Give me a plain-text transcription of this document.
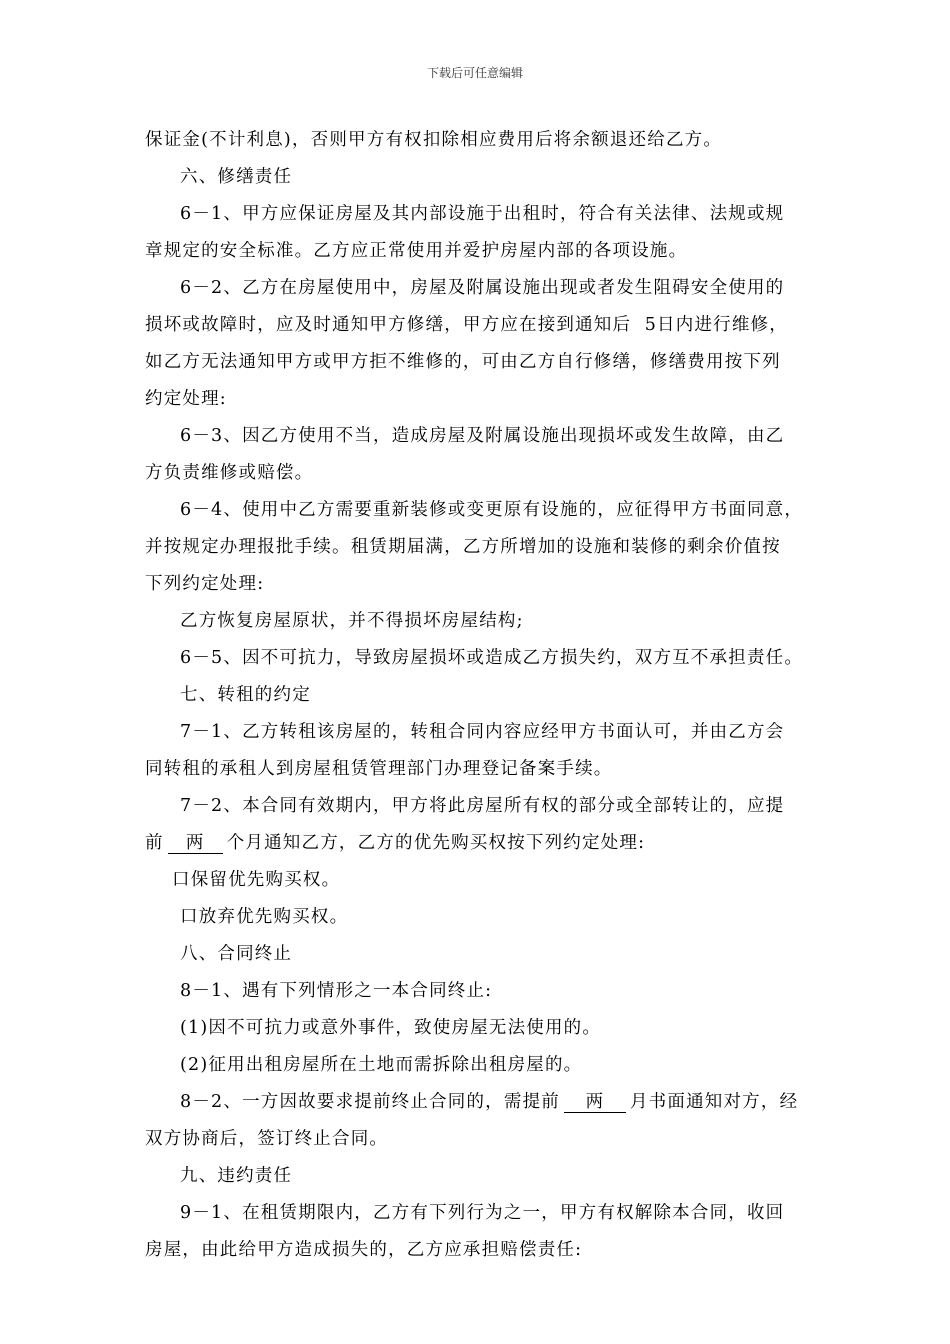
下载后可任意编辑
保证金(不计利息)，否则甲方有权扣除相应费用后将余额退还给乙方。
六、修缮责任
6－1、甲方应保证房屋及其内部设施于出租时，符合有关法律、法规或规
章规定的安全标准。乙方应正常使用并爱护房屋内部的各项设施。
6－2、乙方在房屋使用中，房屋及附属设施出现或者发生阻碍安全使用的
损坏或故障时，应及时通知甲方修缮，甲方应在接到通知后  5日内进行维修，
如乙方无法通知甲方或甲方拒不维修的，可由乙方自行修缮，修缮费用按下列
约定处理:
6－3、因乙方使用不当，造成房屋及附属设施出现损坏或发生故障，由乙
方负责维修或赔偿。
6－4、使用中乙方需要重新装修或变更原有设施的，应征得甲方书面同意，
并按规定办理报批手续。租赁期届满，乙方所增加的设施和装修的剩余价值按
下列约定处理:
乙方恢复房屋原状，并不得损坏房屋结构;
6－5、因不可抗力，导致房屋损坏或造成乙方损失约，双方互不承担责任。
七、转租的约定
7－1、乙方转租该房屋的，转租合同内容应经甲方书面认可，并由乙方会
同转租的承租人到房屋租赁管理部门办理登记备案手续。
7－2、本合同有效期内，甲方将此房屋所有权的部分或全部转让的，应提
前 两 个月通知乙方，乙方的优先购买权按下列约定处理:
口保留优先购买权。
口放弃优先购买权。
八、合同终止
8－1、遇有下列情形之一本合同终止:
(1)因不可抗力或意外事件，致使房屋无法使用的。
(2)征用出租房屋所在土地而需拆除出租房屋的。
8－2、一方因故要求提前终止合同的，需提前 两 月书面通知对方，经
双方协商后，签订终止合同。
九、违约责任
9－1、在租赁期限内，乙方有下列行为之一，甲方有权解除本合同，收回
房屋，由此给甲方造成损失的，乙方应承担赔偿责任:
